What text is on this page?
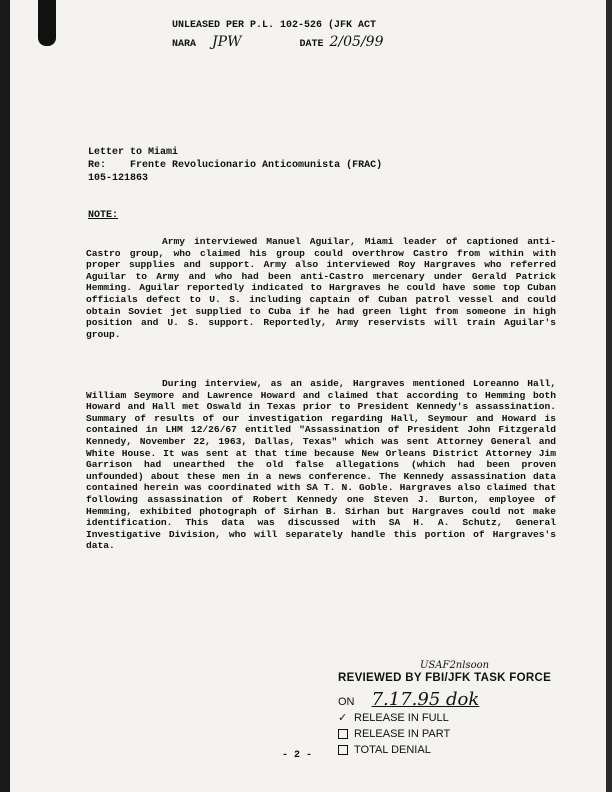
UNLEASED PER P.L. 102-526 (JFK ACT
NARA JPW	DATE 2/05/99
Letter to Miami
Re: Frente Revolucionario Anticomunista (FRAC)
105-121863
NOTE:
Army interviewed Manuel Aguilar, Miami leader of captioned anti-Castro group, who claimed his group could overthrow Castro from within with proper supplies and support. Army also interviewed Roy Hargraves who referred Aguilar to Army and who had been anti-Castro mercenary under Gerald Patrick Hemming. Aguilar reportedly indicated to Hargraves he could have some top Cuban officials defect to U. S. including captain of Cuban patrol vessel and could obtain Soviet jet supplied to Cuba if he had green light from someone in high position and U. S. support. Reportedly, Army reservists will train Aguilar's group.
During interview, as an aside, Hargraves mentioned Loreanno Hall, William Seymore and Lawrence Howard and claimed that according to Hemming both Howard and Hall met Oswald in Texas prior to President Kennedy's assassination. Summary of results of our investigation regarding Hall, Seymour and Howard is contained in LHM 12/26/67 entitled "Assassination of President John Fitzgerald Kennedy, November 22, 1963, Dallas, Texas" which was sent Attorney General and White House. It was sent at that time because New Orleans District Attorney Jim Garrison had unearthed the old false allegations (which had been proven unfounded) about these men in a news conference. The Kennedy assassination data contained herein was coordinated with SA T. N. Goble. Hargraves also claimed that following assassination of Robert Kennedy one Steven J. Burton, employee of Hemming, exhibited photograph of Sirhan B. Sirhan but Hargraves could not make identification. This data was discussed with SA H. A. Schutz, General Investigative Division, who will separately handle this portion of Hargraves's data.
USAF2nlsoon
REVIEWED BY FBI/JFK TASK FORCE
ON 7.17.95 dok
✓ RELEASE IN FULL
RELEASE IN PART
TOTAL DENIAL
- 2 -
